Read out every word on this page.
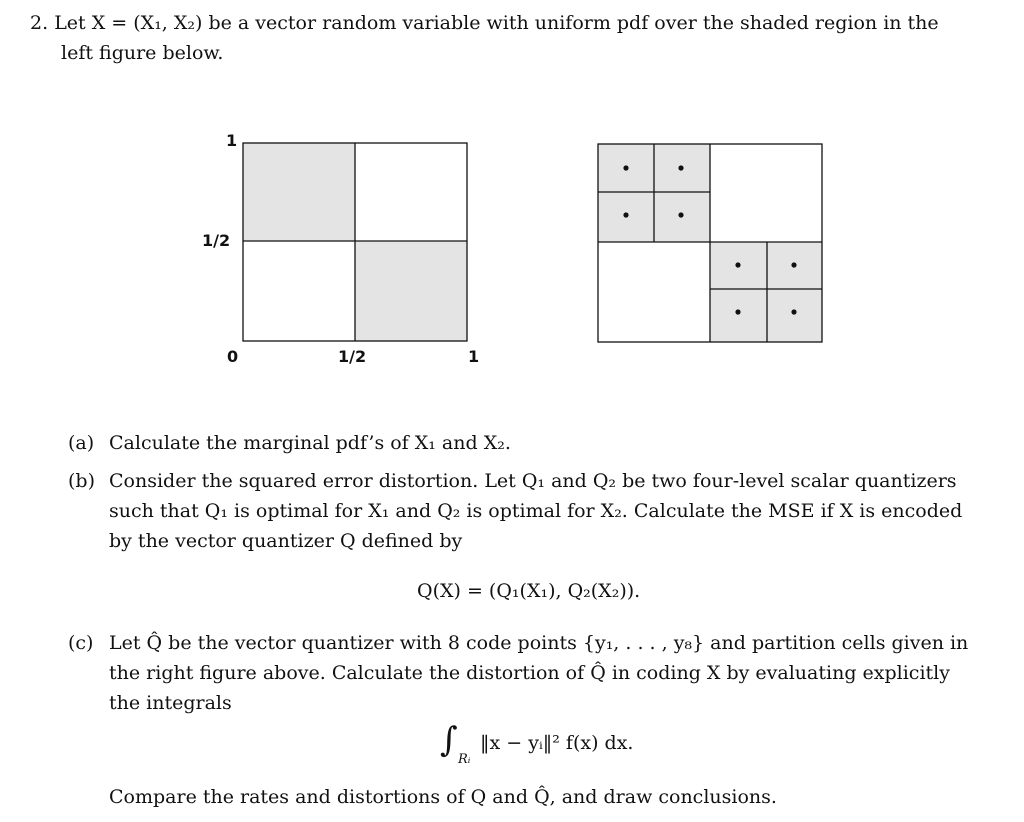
2. Let X = (X₁, X₂) be a vector random variable with uniform pdf over the shaded region in the
left figure below.
1
1/2
0	1/2	1
(a) Calculate the marginal pdf’s of X₁ and X₂.
(b) Consider the squared error distortion. Let Q₁ and Q₂ be two four-level scalar quantizers
such that Q₁ is optimal for X₁ and Q₂ is optimal for X₂. Calculate the MSE if X is encoded
by the vector quantizer Q defined by
Q(X) = (Q₁(X₁), Q₂(X₂)).
(c) Let Q̂ be the vector quantizer with 8 code points {y₁, . . . , y₈} and partition cells given in
the right figure above. Calculate the distortion of Q̂ in coding X by evaluating explicitly
the integrals
∫ Rᵢ
‖x − yᵢ‖² f(x) dx.
Compare the rates and distortions of Q and Q̂, and draw conclusions.
